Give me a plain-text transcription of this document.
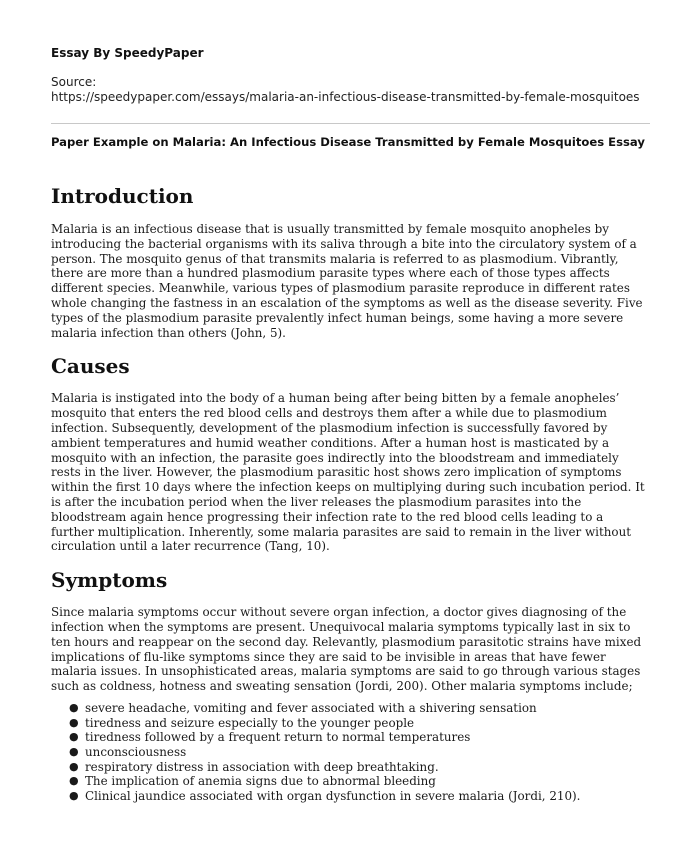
Essay By SpeedyPaper
Source:
https://speedypaper.com/essays/malaria-an-infectious-disease-transmitted-by-female-mosquitoes
Paper Example on Malaria: An Infectious Disease Transmitted by Female Mosquitoes Essay
Introduction

Malaria is an infectious disease that is usually transmitted by female mosquito anopheles by introducing the bacterial organisms with its saliva through a bite into the circulatory system of a person. The mosquito genus of that transmits malaria is referred to as plasmodium. Vibrantly, there are more than a hundred plasmodium parasite types where each of those types affects different species. Meanwhile, various types of plasmodium parasite reproduce in different rates whole changing the fastness in an escalation of the symptoms as well as the disease severity. Five types of the plasmodium parasite prevalently infect human beings, some having a more severe malaria infection than others (John, 5).

Causes

Malaria is instigated into the body of a human being after being bitten by a female anopheles’ mosquito that enters the red blood cells and destroys them after a while due to plasmodium infection. Subsequently, development of the plasmodium infection is successfully favored by ambient temperatures and humid weather conditions. After a human host is masticated by a mosquito with an infection, the parasite goes indirectly into the bloodstream and immediately rests in the liver. However, the plasmodium parasitic host shows zero implication of symptoms within the first 10 days where the infection keeps on multiplying during such incubation period. It is after the incubation period when the liver releases the plasmodium parasites into the bloodstream again hence progressing their infection rate to the red blood cells leading to a further multiplication. Inherently, some malaria parasites are said to remain in the liver without circulation until a later recurrence (Tang, 10).

Symptoms

Since malaria symptoms occur without severe organ infection, a doctor gives diagnosing of the infection when the symptoms are present. Unequivocal malaria symptoms typically last in six to ten hours and reappear on the second day. Relevantly, plasmodium parasitotic strains have mixed implications of flu-like symptoms since they are said to be invisible in areas that have fewer malaria issues. In unsophisticated areas, malaria symptoms are said to go through various stages such as coldness, hotness and sweating sensation (Jordi, 200). Other malaria symptoms include;

● severe headache, vomiting and fever associated with a shivering sensation
● tiredness and seizure especially to the younger people
● tiredness followed by a frequent return to normal temperatures
● unconsciousness
● respiratory distress in association with deep breathtaking.
● The implication of anemia signs due to abnormal bleeding
● Clinical jaundice associated with organ dysfunction in severe malaria (Jordi, 210).
